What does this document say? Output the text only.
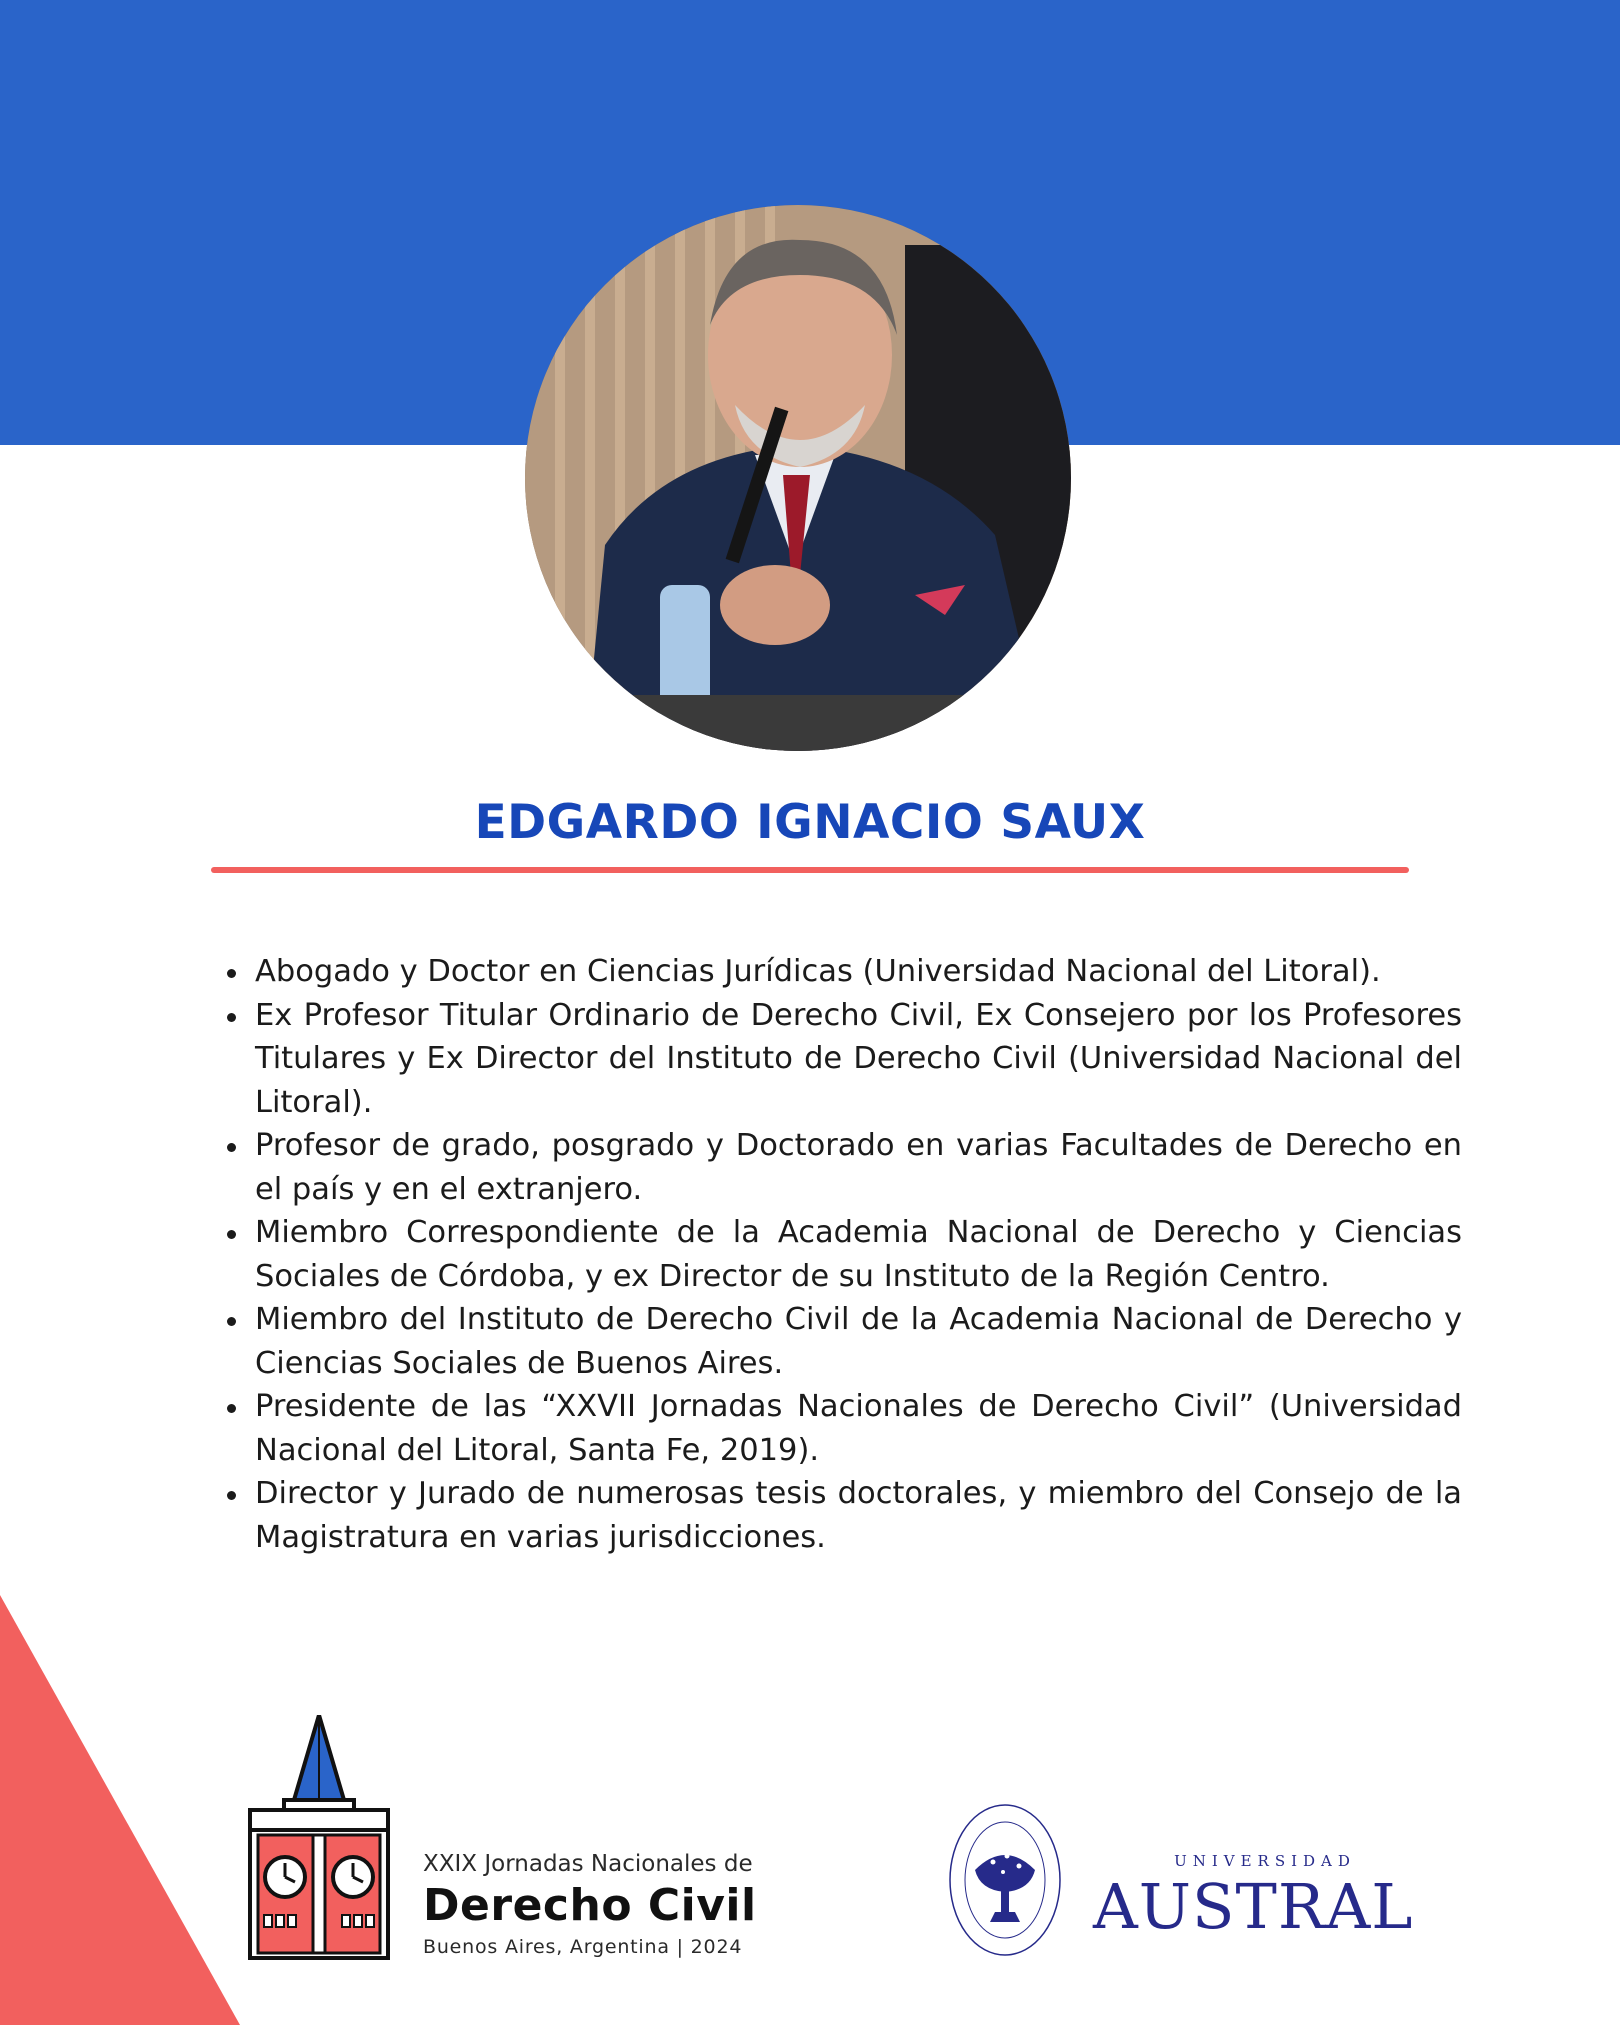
EDGARDO IGNACIO SAUX
Abogado y Doctor en Ciencias Jurídicas (Universidad Nacional del Litoral).
Ex Profesor Titular Ordinario de Derecho Civil, Ex Consejero por los Profesores Titulares y Ex Director del Instituto de Derecho Civil (Universidad Nacional del Litoral).
Profesor de grado, posgrado y Doctorado en varias Facultades de Derecho en el país y en el extranjero.
Miembro Correspondiente de la Academia Nacional de Derecho y Ciencias Sociales de Córdoba, y ex Director de su Instituto de la Región Centro.
Miembro del Instituto de Derecho Civil de la Academia Nacional de Derecho y Ciencias Sociales de Buenos Aires.
Presidente de las “XXVII Jornadas Nacionales de Derecho Civil” (Universidad Nacional del Litoral, Santa Fe, 2019).
Director y Jurado de numerosas tesis doctorales, y miembro del Consejo de la Magistratura en varias jurisdicciones.
XXIX Jornadas Nacionales de
Derecho Civil
Buenos Aires, Argentina | 2024
UNIVERSIDAD
AUSTRAL
